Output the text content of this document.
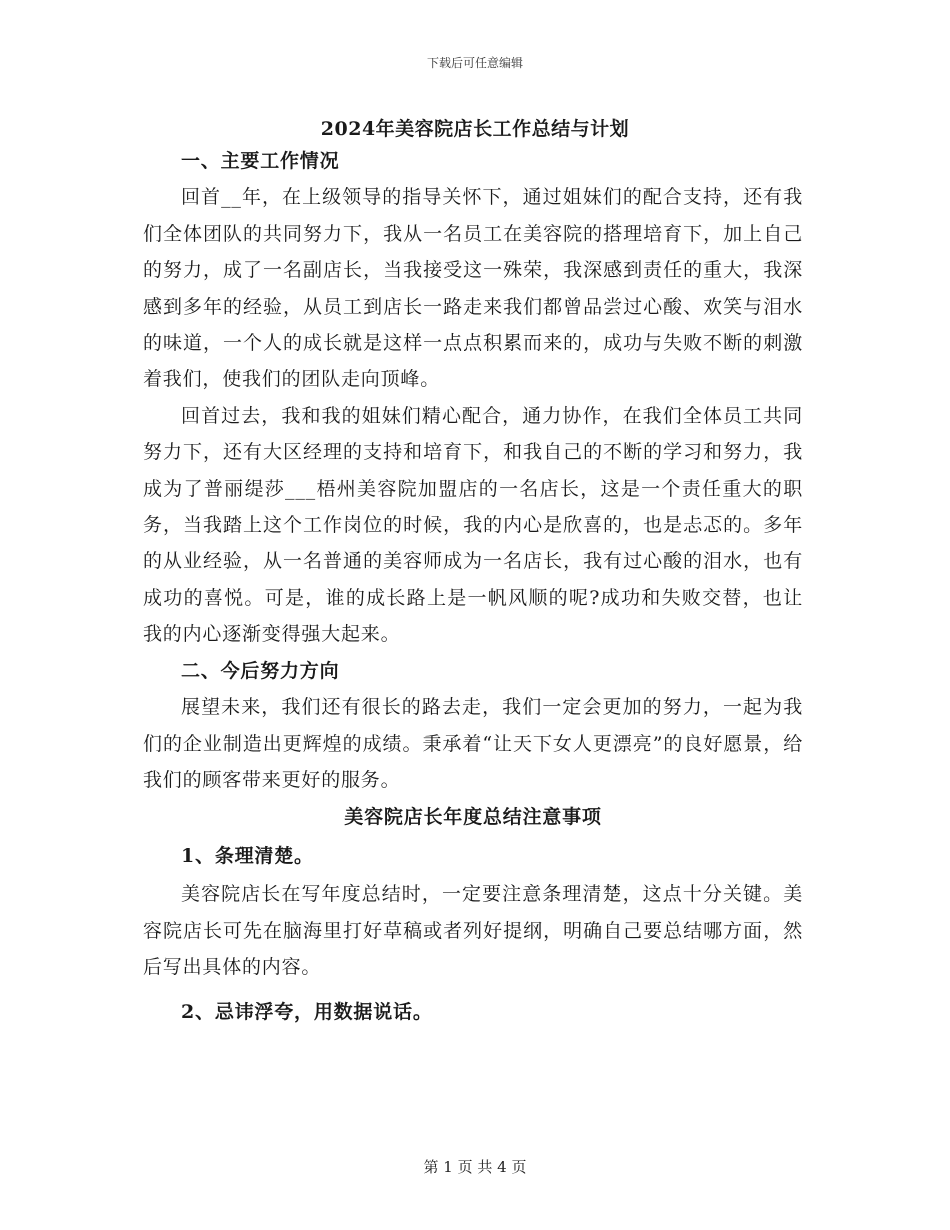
下载后可任意编辑
2024年美容院店长工作总结与计划
一、主要工作情况

回首__年，在上级领导的指导关怀下，通过姐妹们的配合支持，还有我们全体团队的共同努力下，我从一名员工在美容院的搭理培育下，加上自己的努力，成了一名副店长，当我接受这一殊荣，我深感到责任的重大，我深感到多年的经验，从员工到店长一路走来我们都曾品尝过心酸、欢笑与泪水的味道，一个人的成长就是这样一点点积累而来的，成功与失败不断的刺激着我们，使我们的团队走向顶峰。

回首过去，我和我的姐妹们精心配合，通力协作，在我们全体员工共同努力下，还有大区经理的支持和培育下，和我自己的不断的学习和努力，我成为了普丽缇莎___梧州美容院加盟店的一名店长，这是一个责任重大的职务，当我踏上这个工作岗位的时候，我的内心是欣喜的，也是忐忑的。多年的从业经验，从一名普通的美容师成为一名店长，我有过心酸的泪水，也有成功的喜悦。可是，谁的成长路上是一帆风顺的呢?成功和失败交替，也让我的内心逐渐变得强大起来。

二、今后努力方向

展望未来，我们还有很长的路去走，我们一定会更加的努力，一起为我们的企业制造出更辉煌的成绩。秉承着“让天下女人更漂亮”的良好愿景，给我们的顾客带来更好的服务。

美容院店长年度总结注意事项
1、条理清楚。

美容院店长在写年度总结时，一定要注意条理清楚，这点十分关键。美容院店长可先在脑海里打好草稿或者列好提纲，明确自己要总结哪方面，然后写出具体的内容。

2、忌讳浮夸，用数据说话。
第 1 页 共 4 页
